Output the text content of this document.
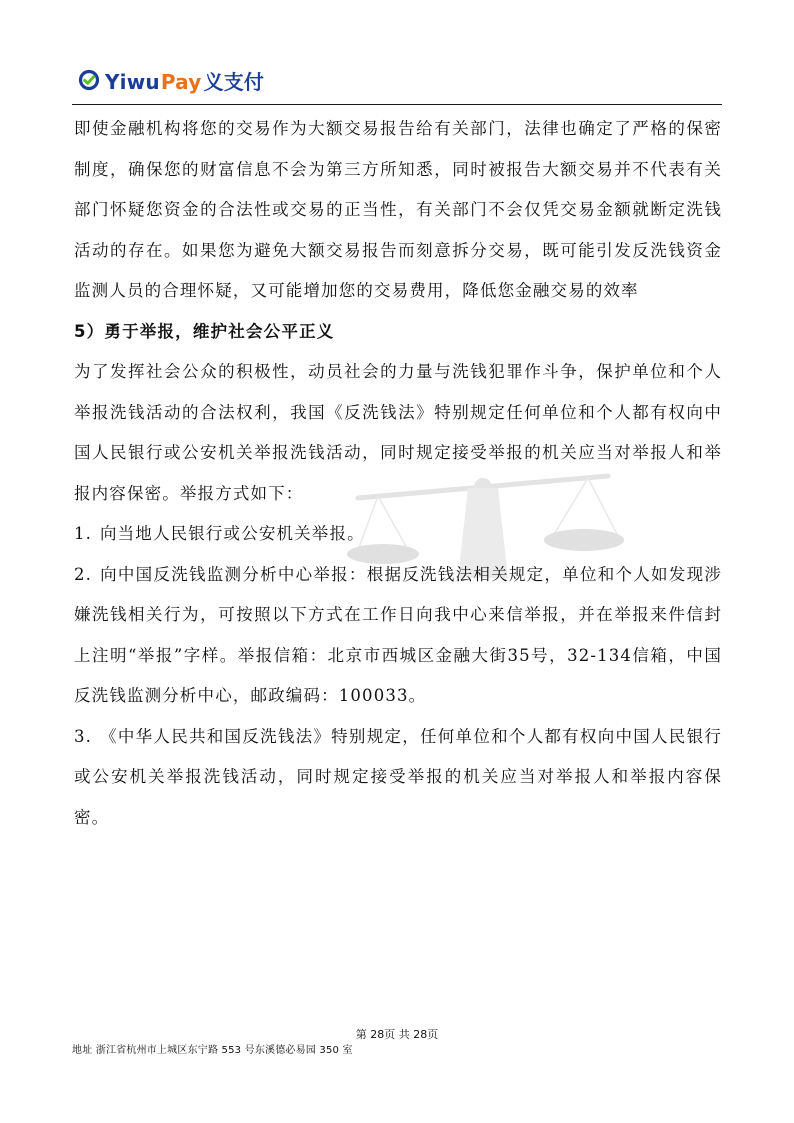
Yiwu Pay 义支付

即使金融机构将您的交易作为大额交易报告给有关部门，法律也确定了严格的保密制度，确保您的财富信息不会为第三方所知悉，同时被报告大额交易并不代表有关部门怀疑您资金的合法性或交易的正当性，有关部门不会仅凭交易金额就断定洗钱活动的存在。如果您为避免大额交易报告而刻意拆分交易，既可能引发反洗钱资金监测人员的合理怀疑，又可能增加您的交易费用，降低您金融交易的效率

5）勇于举报，维护社会公平正义

为了发挥社会公众的积极性，动员社会的力量与洗钱犯罪作斗争，保护单位和个人举报洗钱活动的合法权利，我国《反洗钱法》特别规定任何单位和个人都有权向中国人民银行或公安机关举报洗钱活动，同时规定接受举报的机关应当对举报人和举报内容保密。举报方式如下：

1. 向当地人民银行或公安机关举报。

2. 向中国反洗钱监测分析中心举报：根据反洗钱法相关规定，单位和个人如发现涉嫌洗钱相关行为，可按照以下方式在工作日向我中心来信举报，并在举报来件信封上注明“举报”字样。举报信箱：北京市西城区金融大街35号，32-134信箱，中国反洗钱监测分析中心，邮政编码：100033。

3. 《中华人民共和国反洗钱法》特别规定，任何单位和个人都有权向中国人民银行或公安机关举报洗钱活动，同时规定接受举报的机关应当对举报人和举报内容保密。

第 28页 共 28页
地址 浙江省杭州市上城区东宁路 553 号东溪德必易园 350 室
